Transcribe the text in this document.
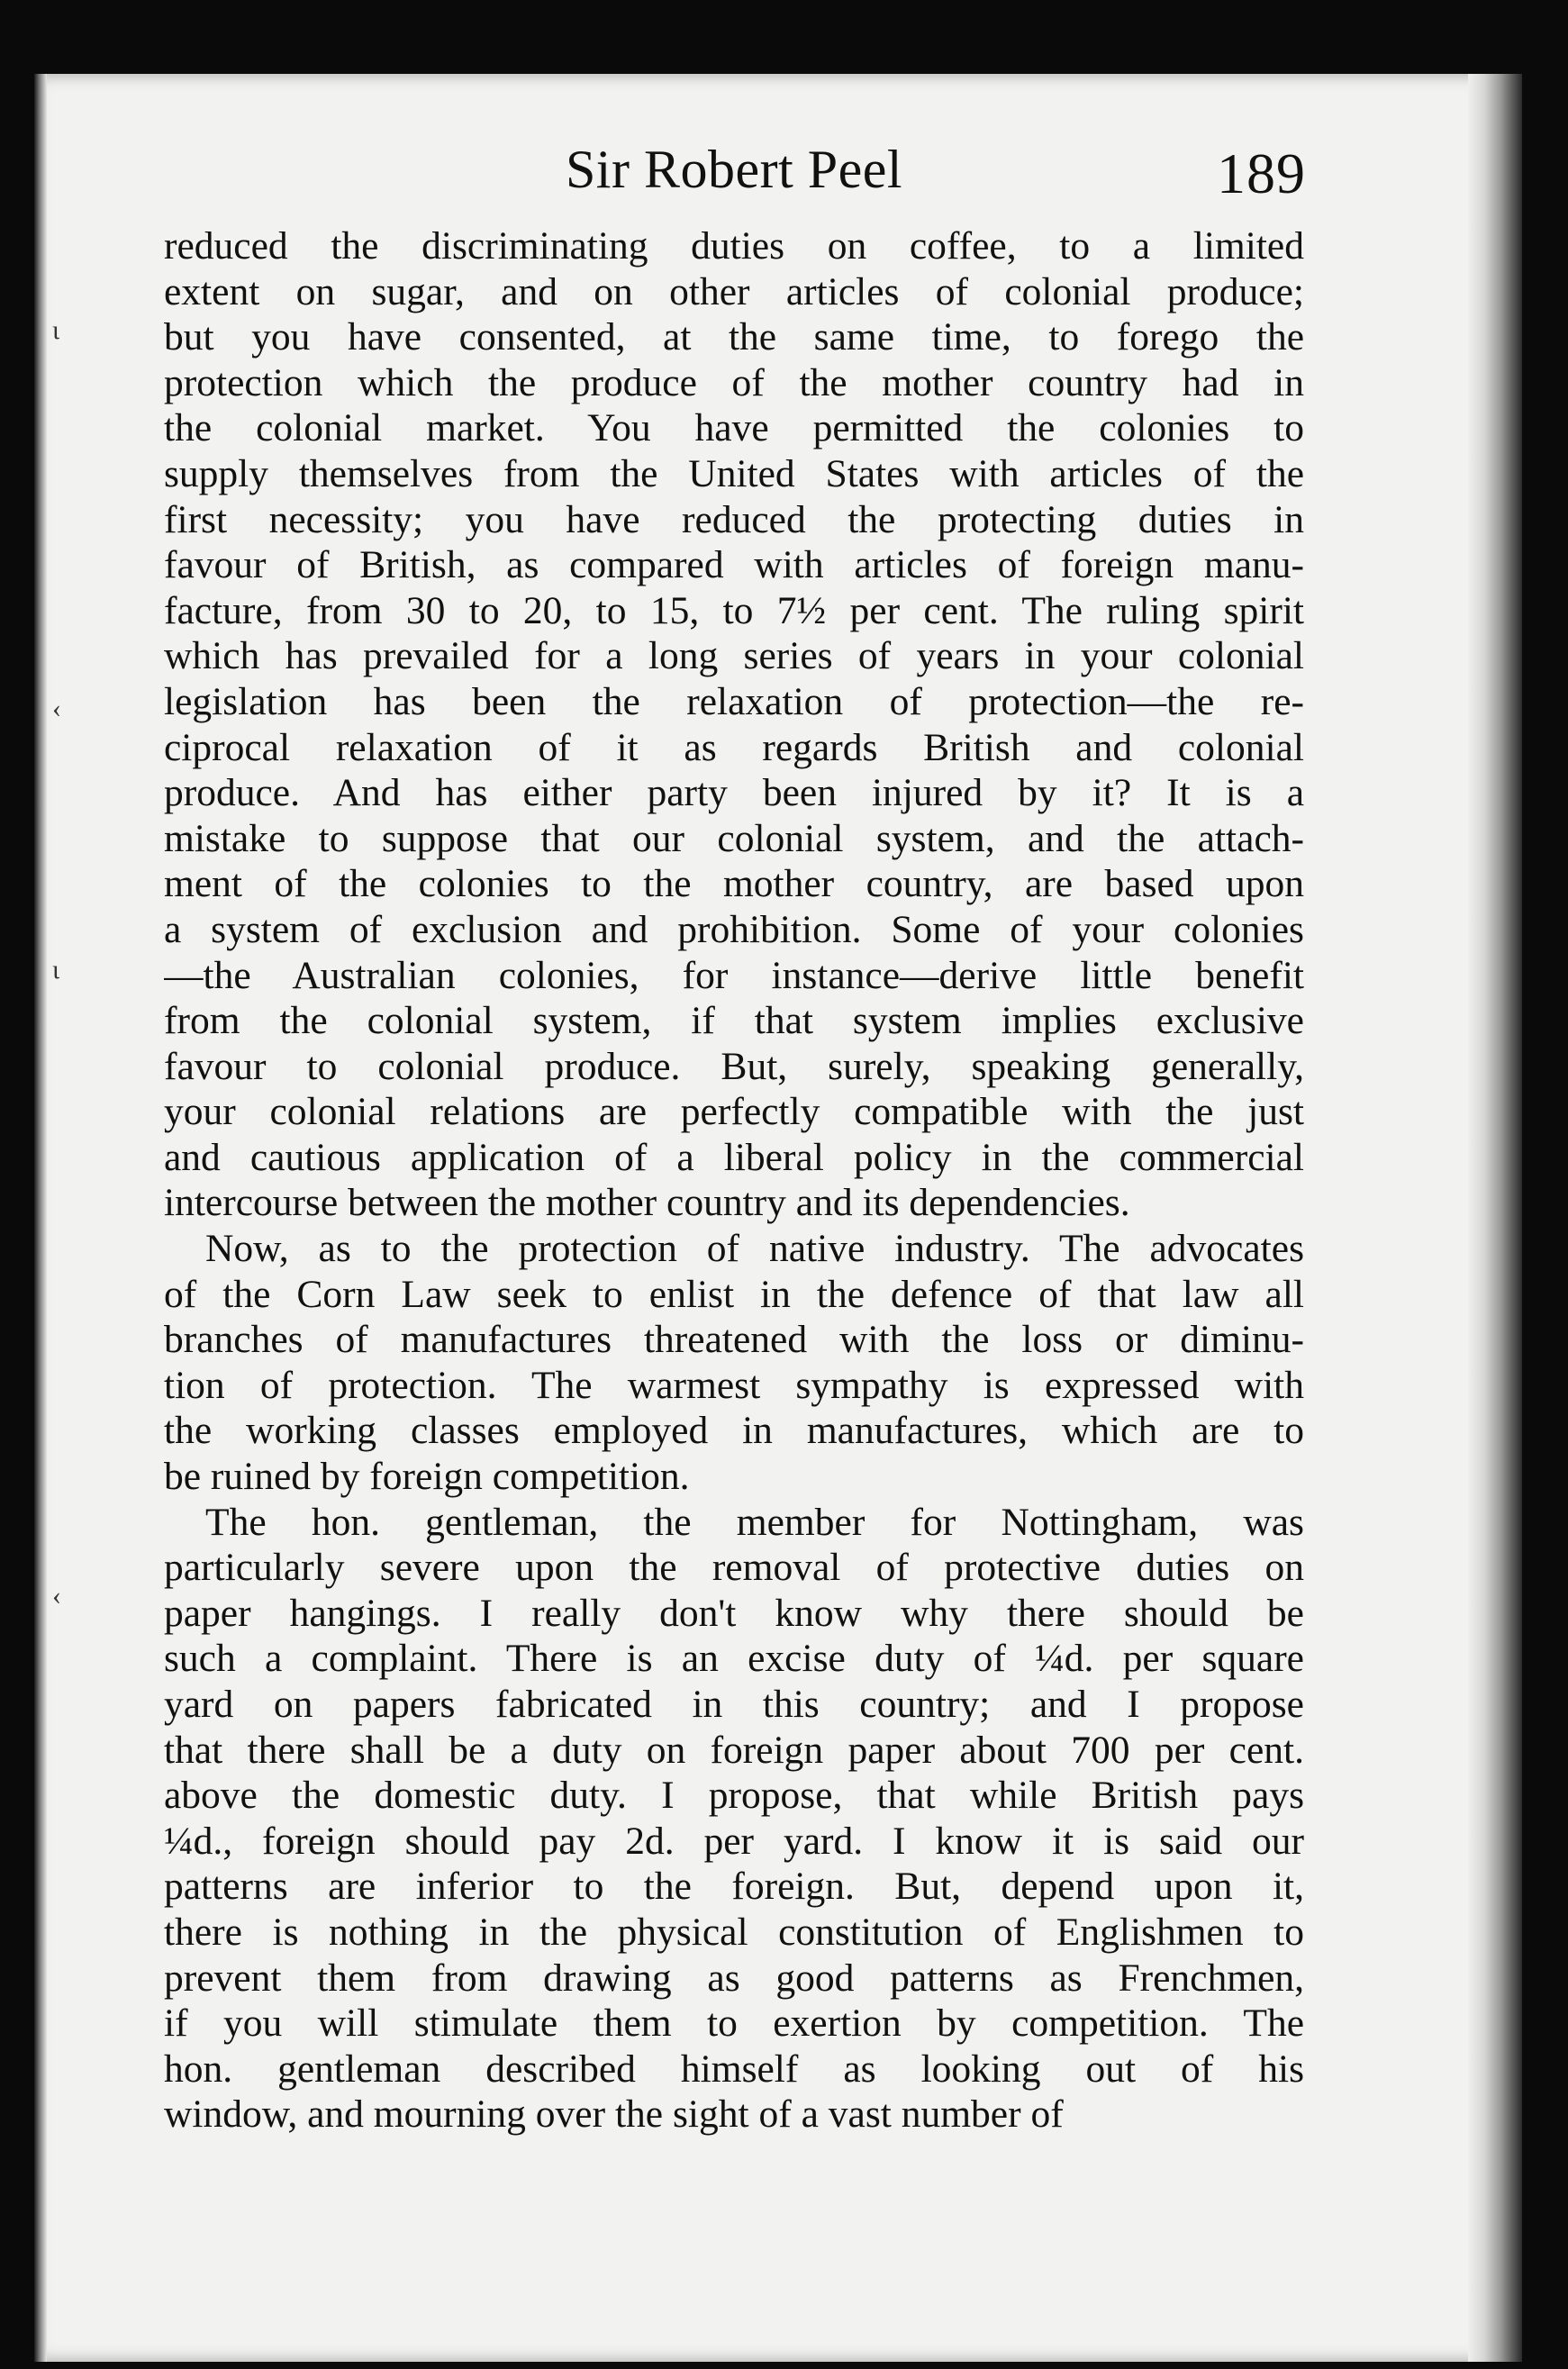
ι
‹
ι
‹
Sir Robert Peel	189

reduced the discriminating duties on coffee, to a limited
extent on sugar, and on other articles of colonial produce;
but you have consented, at the same time, to forego the
protection which the produce of the mother country had in
the colonial market. You have permitted the colonies to
supply themselves from the United States with articles of the
first necessity; you have reduced the protecting duties in
favour of British, as compared with articles of foreign manu-
facture, from 30 to 20, to 15, to 7½ per cent. The ruling spirit
which has prevailed for a long series of years in your colonial
legislation has been the relaxation of protection—the re-
ciprocal relaxation of it as regards British and colonial
produce. And has either party been injured by it? It is a
mistake to suppose that our colonial system, and the attach-
ment of the colonies to the mother country, are based upon
a system of exclusion and prohibition. Some of your colonies
—the Australian colonies, for instance—derive little benefit
from the colonial system, if that system implies exclusive
favour to colonial produce. But, surely, speaking generally,
your colonial relations are perfectly compatible with the just
and cautious application of a liberal policy in the commercial
intercourse between the mother country and its dependencies.

Now, as to the protection of native industry. The advocates
of the Corn Law seek to enlist in the defence of that law all
branches of manufactures threatened with the loss or diminu-
tion of protection. The warmest sympathy is expressed with
the working classes employed in manufactures, which are to
be ruined by foreign competition.

The hon. gentleman, the member for Nottingham, was
particularly severe upon the removal of protective duties on
paper hangings. I really don't know why there should be
such a complaint. There is an excise duty of ¼d. per square
yard on papers fabricated in this country; and I propose
that there shall be a duty on foreign paper about 700 per cent.
above the domestic duty. I propose, that while British pays
¼d., foreign should pay 2d. per yard. I know it is said our
patterns are inferior to the foreign. But, depend upon it,
there is nothing in the physical constitution of Englishmen to
prevent them from drawing as good patterns as Frenchmen,
if you will stimulate them to exertion by competition. The
hon. gentleman described himself as looking out of his
window, and mourning over the sight of a vast number of
